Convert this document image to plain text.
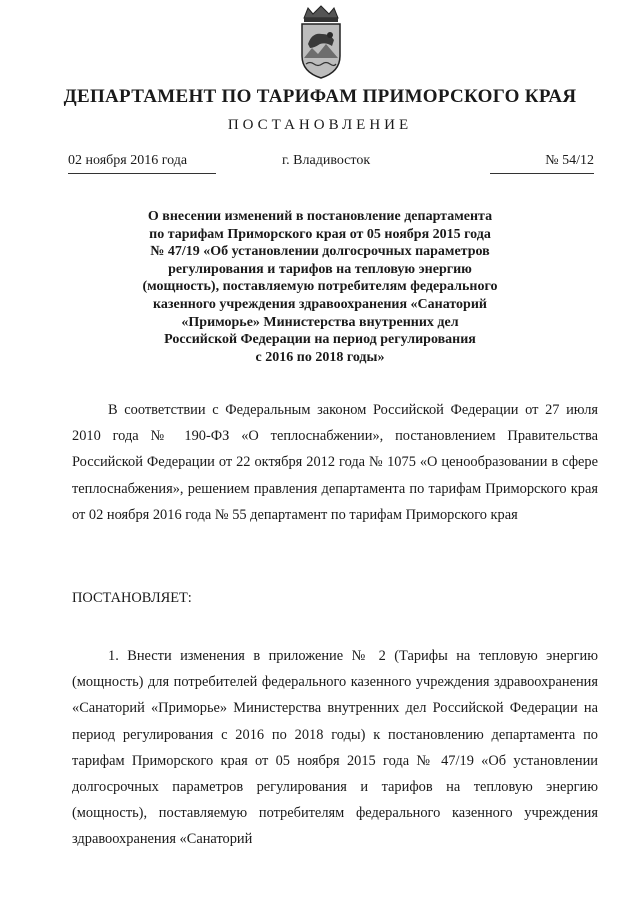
ДЕПАРТАМЕНТ ПО ТАРИФАМ ПРИМОРСКОГО КРАЯ
ПОСТАНОВЛЕНИЕ
02 ноября 2016 года	г. Владивосток	№ 54/12
О внесении изменений в постановление департамента
по тарифам Приморского края от 05 ноября 2015 года
№ 47/19 «Об установлении долгосрочных параметров
регулирования и тарифов на тепловую энергию
(мощность), поставляемую потребителям федерального
казенного учреждения здравоохранения «Санаторий
«Приморье» Министерства внутренних дел
Российской Федерации на период регулирования
с 2016 по 2018 годы»
В соответствии с Федеральным законом Российской Федерации от 27 июля 2010 года № 190-ФЗ «О теплоснабжении», постановлением Правительства Российской Федерации от 22 октября 2012 года № 1075 «О ценообразовании в сфере теплоснабжения», решением правления департамента по тарифам Приморского края от 02 ноября 2016 года № 55 департамент по тарифам Приморского края
ПОСТАНОВЛЯЕТ:
1. Внести изменения в приложение № 2 (Тарифы на тепловую энергию (мощность) для потребителей федерального казенного учреждения здравоохранения «Санаторий «Приморье» Министерства внутренних дел Российской Федерации на период регулирования с 2016 по 2018 годы) к постановлению департамента по тарифам Приморского края от 05 ноября 2015 года № 47/19 «Об установлении долгосрочных параметров регулирования и тарифов на тепловую энергию (мощность), поставляемую потребителям федерального казенного учреждения здравоохранения «Санаторий
